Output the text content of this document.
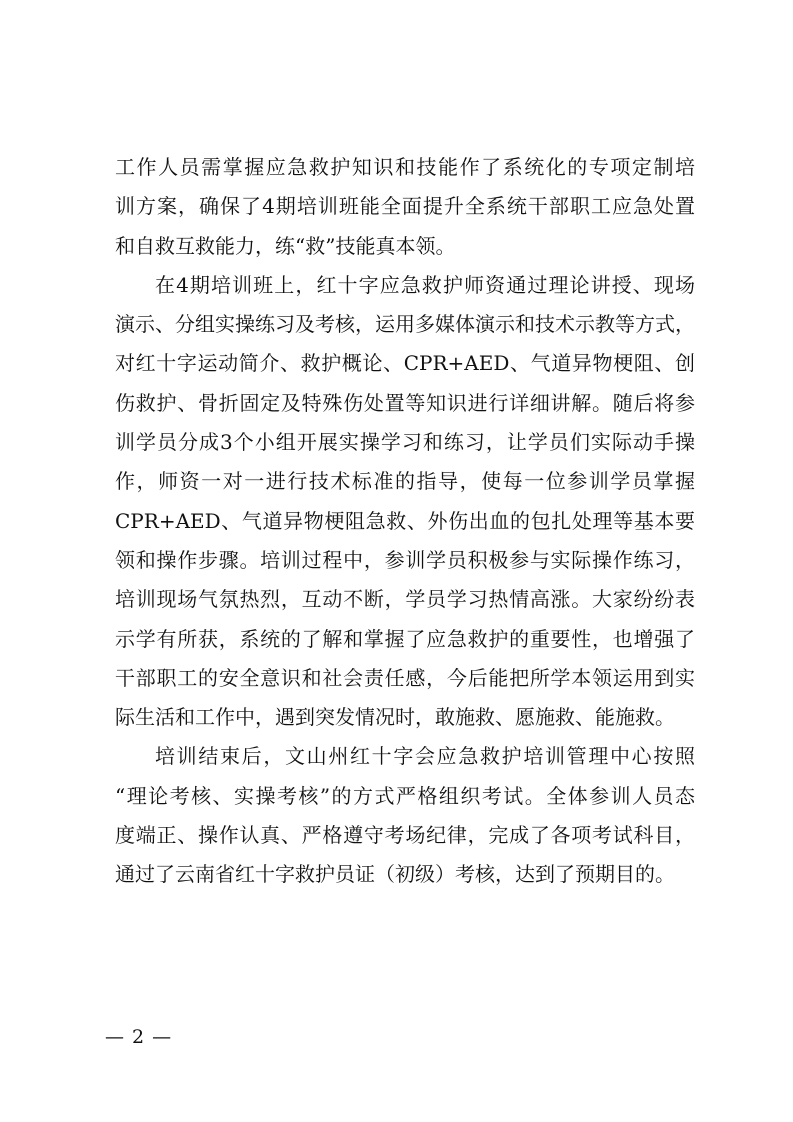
工作人员需掌握应急救护知识和技能作了系统化的专项定制培
训方案，确保了4期培训班能全面提升全系统干部职工应急处置
和自救互救能力，练“救”技能真本领。
在4期培训班上，红十字应急救护师资通过理论讲授、现场
演示、分组实操练习及考核，运用多媒体演示和技术示教等方式，
对红十字运动简介、救护概论、CPR+AED、气道异物梗阻、创
伤救护、骨折固定及特殊伤处置等知识进行详细讲解。随后将参
训学员分成3个小组开展实操学习和练习，让学员们实际动手操
作，师资一对一进行技术标准的指导，使每一位参训学员掌握
CPR+AED、气道异物梗阻急救、外伤出血的包扎处理等基本要
领和操作步骤。培训过程中，参训学员积极参与实际操作练习，
培训现场气氛热烈，互动不断，学员学习热情高涨。大家纷纷表
示学有所获，系统的了解和掌握了应急救护的重要性，也增强了
干部职工的安全意识和社会责任感，今后能把所学本领运用到实
际生活和工作中，遇到突发情况时，敢施救、愿施救、能施救。
培训结束后，文山州红十字会应急救护培训管理中心按照
“理论考核、实操考核”的方式严格组织考试。全体参训人员态
度端正、操作认真、严格遵守考场纪律，完成了各项考试科目，
通过了云南省红十字救护员证（初级）考核，达到了预期目的。
— 2 —
